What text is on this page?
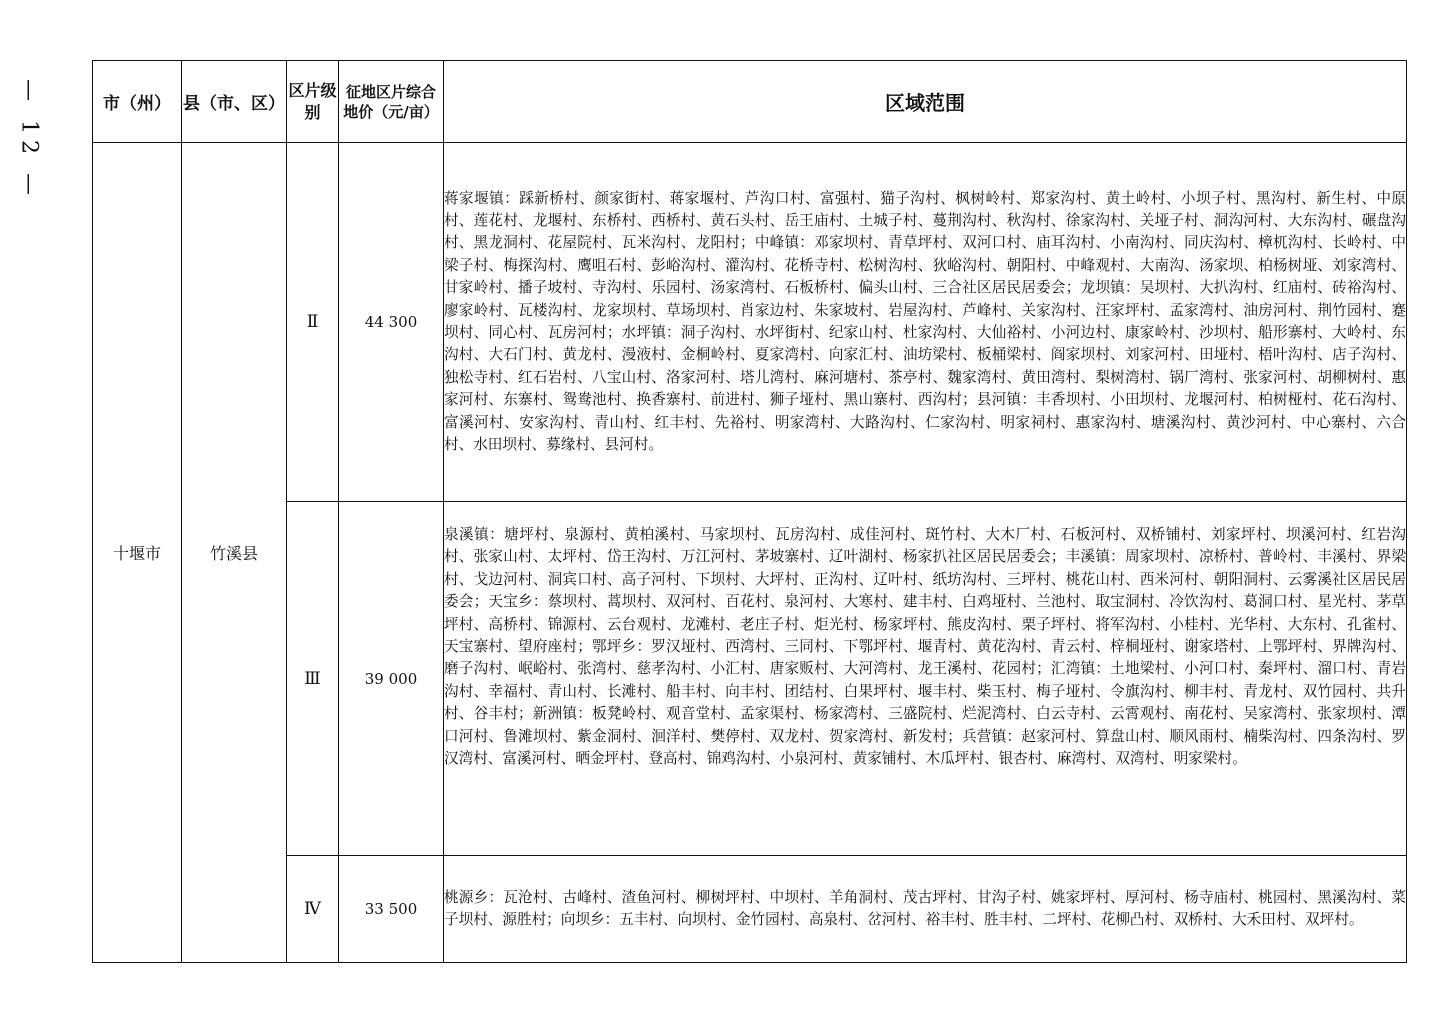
— 12 —	市（州）	县（市、区）	区片级别	征地区片综合地价（元/亩）	区域范围
十堰市	竹溪县	Ⅱ	44 300	蒋家堰镇：踩新桥村、颜家街村、蒋家堰村、芦沟口村、富强村、猫子沟村、枫树岭村、郑家沟村、黄土岭村、小坝子村、黑沟村、新生村、中原村、莲花村、龙堰村、东桥村、西桥村、黄石头村、岳王庙村、土城子村、蔓荆沟村、秋沟村、徐家沟村、关垭子村、洞沟河村、大东沟村、碾盘沟村、黑龙洞村、花屋院村、瓦米沟村、龙阳村；中峰镇：邓家坝村、青草坪村、双河口村、庙耳沟村、小南沟村、同庆沟村、樟杌沟村、长岭村、中梁子村、梅探沟村、鹰咀石村、彭峪沟村、灌沟村、花桥寺村、松树沟村、狄峪沟村、朝阳村、中峰观村、大南沟、汤家坝、柏杨树垭、刘家湾村、甘家岭村、播子坡村、寺沟村、乐园村、汤家湾村、石板桥村、偏头山村、三合社区居民居委会；龙坝镇：吴坝村、大扒沟村、红庙村、砖裕沟村、廖家岭村、瓦楼沟村、龙家坝村、草场坝村、肖家边村、朱家坡村、岩屋沟村、芦峰村、关家沟村、汪家坪村、孟家湾村、油房河村、荆竹园村、蹇坝村、同心村、瓦房河村；水坪镇：洞子沟村、水坪街村、纪家山村、杜家沟村、大仙裕村、小河边村、康家岭村、沙坝村、船形寨村、大岭村、东沟村、大石门村、黄龙村、漫液村、金桐岭村、夏家湾村、向家汇村、油坊梁村、板桶梁村、阎家坝村、刘家河村、田垭村、梧叶沟村、店子沟村、独松寺村、红石岩村、八宝山村、洛家河村、塔儿湾村、麻河塘村、茶亭村、魏家湾村、黄田湾村、梨树湾村、锅厂湾村、张家河村、胡柳树村、惠家河村、东寨村、鸳鸯池村、换香寨村、前进村、狮子垭村、黑山寨村、西沟村；县河镇：丰香坝村、小田坝村、龙堰河村、柏树桠村、花石沟村、富溪河村、安家沟村、青山村、红丰村、先裕村、明家湾村、大路沟村、仁家沟村、明家祠村、惠家沟村、塘溪沟村、黄沙河村、中心寨村、六合村、水田坝村、募缘村、县河村。
		Ⅲ	39 000	泉溪镇：塘坪村、泉源村、黄柏溪村、马家坝村、瓦房沟村、成佳河村、斑竹村、大木厂村、石板河村、双桥铺村、刘家坪村、坝溪河村、红岩沟村、张家山村、太坪村、岱王沟村、万江河村、茅坡寨村、辽叶湖村、杨家扒社区居民居委会；丰溪镇：周家坝村、凉桥村、普岭村、丰溪村、界梁村、戈边河村、洞宾口村、高子河村、下坝村、大坪村、正沟村、辽叶村、纸坊沟村、三坪村、桃花山村、西米河村、朝阳洞村、云雾溪社区居民居委会；天宝乡：蔡坝村、蒿坝村、双河村、百花村、泉河村、大寒村、建丰村、白鸡垭村、兰池村、取宝洞村、冷饮沟村、葛洞口村、星光村、茅草坪村、高桥村、锦源村、云台观村、龙滩村、老庄子村、炬光村、杨家坪村、熊皮沟村、栗子坪村、将军沟村、小桂村、光华村、大东村、孔雀村、天宝寨村、望府座村；鄂坪乡：罗汉垭村、西湾村、三同村、下鄂坪村、堰青村、黄花沟村、青云村、梓桐垭村、谢家塔村、上鄂坪村、界牌沟村、磨子沟村、岷峪村、张湾村、慈孝沟村、小汇村、唐家贩村、大河湾村、龙王溪村、花园村；汇湾镇：土地梁村、小河口村、秦坪村、溜口村、青岩沟村、幸福村、青山村、长滩村、船丰村、向丰村、团结村、白果坪村、堰丰村、柴玉村、梅子垭村、令旗沟村、柳丰村、青龙村、双竹园村、共升村、谷丰村；新洲镇：板凳岭村、观音堂村、孟家渠村、杨家湾村、三盛院村、烂泥湾村、白云寺村、云霄观村、南花村、吴家湾村、张家坝村、潭口河村、鲁滩坝村、紫金洞村、洄洋村、樊停村、双龙村、贺家湾村、新发村；兵营镇：赵家河村、算盘山村、顺风雨村、楠柴沟村、四条沟村、罗汉湾村、富溪河村、晒金坪村、登高村、锦鸡沟村、小泉河村、黄家铺村、木瓜坪村、银杏村、麻湾村、双湾村、明家梁村。
		Ⅳ	33 500	桃源乡：瓦沧村、古峰村、渣鱼河村、柳树坪村、中坝村、羊角洞村、茂古坪村、甘沟子村、姚家坪村、厚河村、杨寺庙村、桃园村、黑溪沟村、菜子坝村、源胜村；向坝乡：五丰村、向坝村、金竹园村、高泉村、岔河村、裕丰村、胜丰村、二坪村、花柳凸村、双桥村、大禾田村、双坪村。
